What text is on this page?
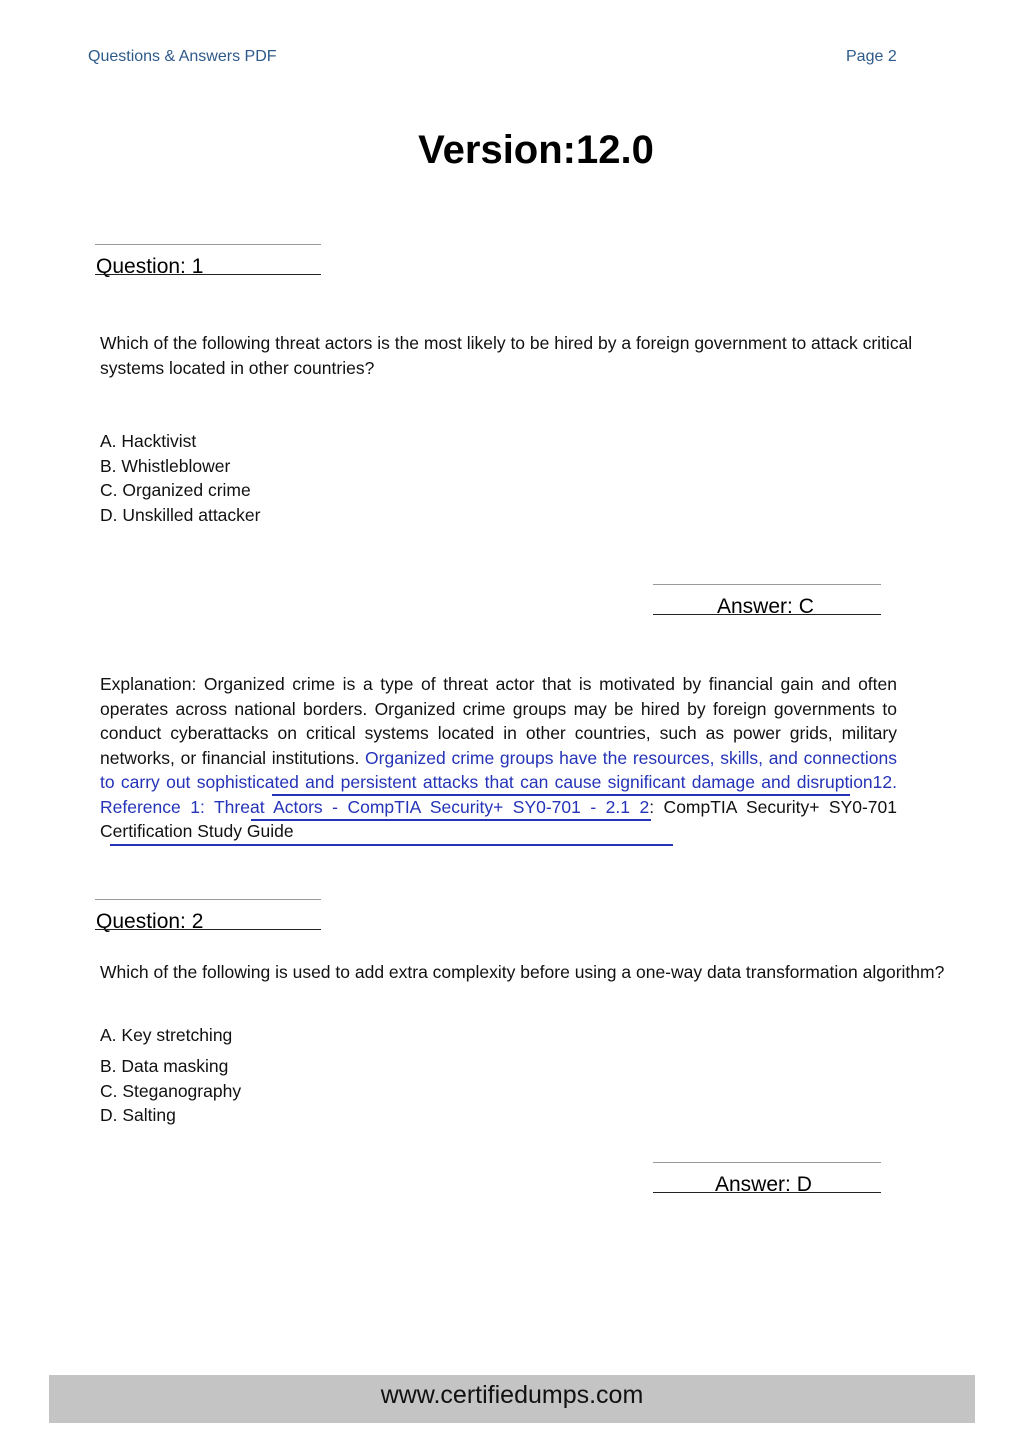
Questions & Answers PDF	Page 2
Version:12.0
Question: 1
Which of the following threat actors is the most likely to be hired by a foreign government to attack critical systems located in other countries?
A. Hacktivist
B. Whistleblower
C. Organized crime
D. Unskilled attacker
Answer: C
Explanation: Organized crime is a type of threat actor that is motivated by financial gain and often operates across national borders. Organized crime groups may be hired by foreign governments to conduct cyberattacks on critical systems located in other countries, such as power grids, military networks, or financial institutions. Organized crime groups have the resources, skills, and connections to carry out sophisticated and persistent attacks that can cause significant damage and disruption12. Reference 1: Threat Actors - CompTIA Security+ SY0-701 - 2.1 2: CompTIA Security+ SY0-701 Certification Study Guide
Question: 2
Which of the following is used to add extra complexity before using a one-way data transformation algorithm?
A. Key stretching
B. Data masking
C. Steganography
D. Salting
Answer: D
www.certifiedumps.com
